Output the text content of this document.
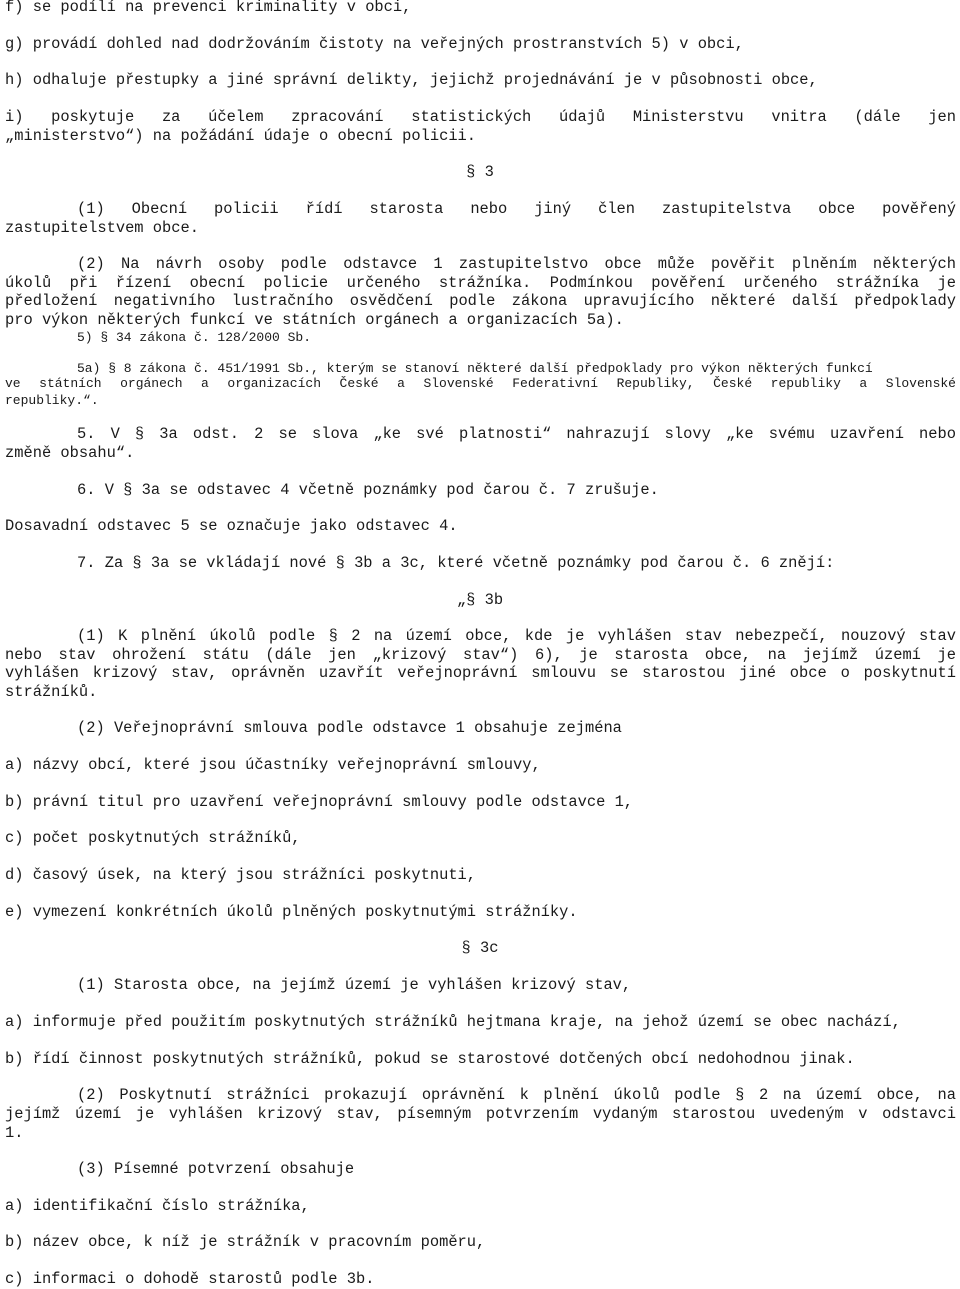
f) se podílí na prevenci kriminality v obci,
g) provádí dohled nad dodržováním čistoty na veřejných prostranstvích 5) v obci,
h) odhaluje přestupky a jiné správní delikty, jejichž projednávání je v působnosti obce,
i) poskytuje za účelem zpracování statistických údajů Ministerstvu vnitra (dále jen
„ministerstvo“) na požádání údaje o obecní policii.
§ 3
(1) Obecní policii řídí starosta nebo jiný člen zastupitelstva obce pověřený
zastupitelstvem obce.
(2) Na návrh osoby podle odstavce 1 zastupitelstvo obce může pověřit plněním některých
úkolů při řízení obecní policie určeného strážníka. Podmínkou pověření určeného strážníka je
předložení negativního lustračního osvědčení podle zákona upravujícího některé další předpoklady
pro výkon některých funkcí ve státních orgánech a organizacích 5a).
5) § 34 zákona č. 128/2000 Sb.
5a) § 8 zákona č. 451/1991 Sb., kterým se stanoví některé další předpoklady pro výkon některých funkcí
ve státních orgánech a organizacích České a Slovenské Federativní Republiky, České republiky a Slovenské
republiky.“.
5. V § 3a odst. 2 se slova „ke své platnosti“ nahrazují slovy „ke svému uzavření nebo
změně obsahu“.
6. V § 3a se odstavec 4 včetně poznámky pod čarou č. 7 zrušuje.
Dosavadní odstavec 5 se označuje jako odstavec 4.
7. Za § 3a se vkládají nové § 3b a 3c, které včetně poznámky pod čarou č. 6 znějí:
„§ 3b
(1) K plnění úkolů podle § 2 na území obce, kde je vyhlášen stav nebezpečí, nouzový stav
nebo stav ohrožení státu (dále jen „krizový stav“) 6), je starosta obce, na jejímž území je
vyhlášen krizový stav, oprávněn uzavřít veřejnoprávní smlouvu se starostou jiné obce o poskytnutí
strážníků.
(2) Veřejnoprávní smlouva podle odstavce 1 obsahuje zejména
a) názvy obcí, které jsou účastníky veřejnoprávní smlouvy,
b) právní titul pro uzavření veřejnoprávní smlouvy podle odstavce 1,
c) počet poskytnutých strážníků,
d) časový úsek, na který jsou strážníci poskytnuti,
e) vymezení konkrétních úkolů plněných poskytnutými strážníky.
§ 3c
(1) Starosta obce, na jejímž území je vyhlášen krizový stav,
a) informuje před použitím poskytnutých strážníků hejtmana kraje, na jehož území se obec nachází,
b) řídí činnost poskytnutých strážníků, pokud se starostové dotčených obcí nedohodnou jinak.
(2) Poskytnutí strážníci prokazují oprávnění k plnění úkolů podle § 2 na území obce, na
jejímž území je vyhlášen krizový stav, písemným potvrzením vydaným starostou uvedeným v odstavci
1.
(3) Písemné potvrzení obsahuje
a) identifikační číslo strážníka,
b) název obce, k níž je strážník v pracovním poměru,
c) informaci o dohodě starostů podle 3b.
